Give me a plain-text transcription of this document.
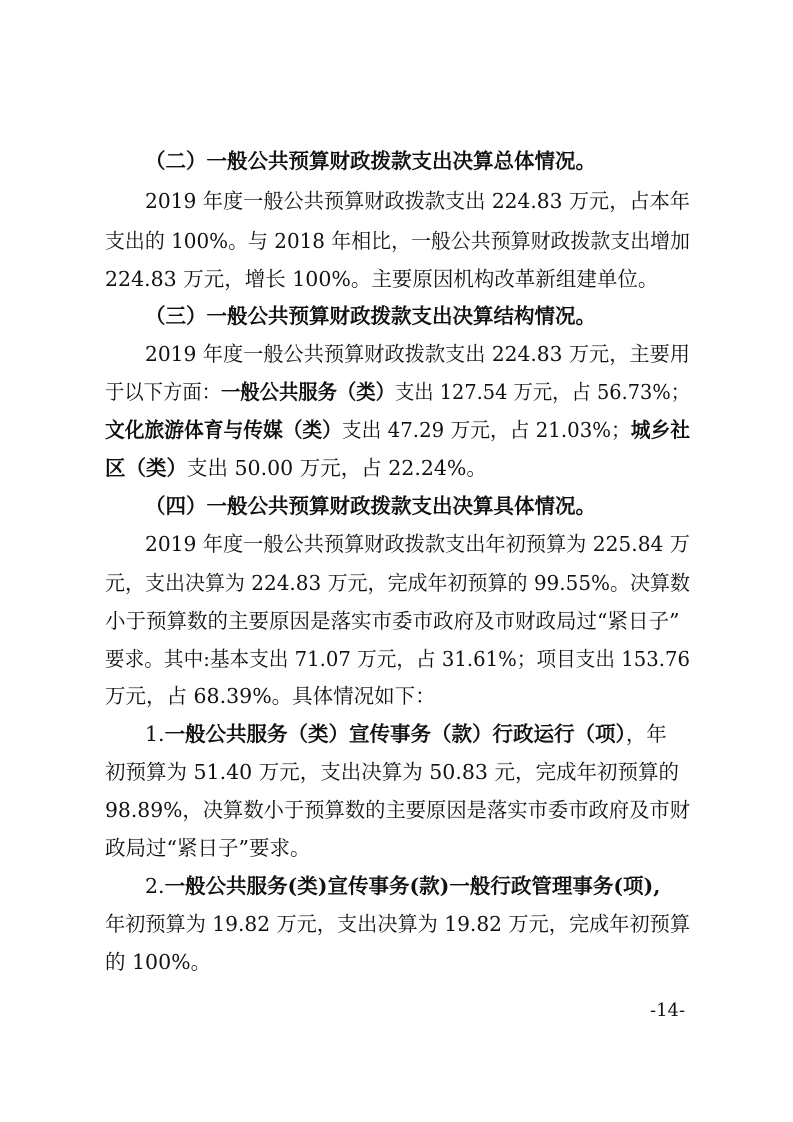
（二）一般公共预算财政拨款支出决算总体情况。
2019 年度一般公共预算财政拨款支出 224.83 万元，占本年
支出的 100%。与 2018 年相比，一般公共预算财政拨款支出增加
224.83 万元，增长 100%。主要原因机构改革新组建单位。
（三）一般公共预算财政拨款支出决算结构情况。
2019 年度一般公共预算财政拨款支出 224.83 万元，主要用
于以下方面：一般公共服务（类）支出 127.54 万元，占 56.73%；
文化旅游体育与传媒（类）支出 47.29 万元，占 21.03%；城乡社
区（类）支出 50.00 万元，占 22.24%。
（四）一般公共预算财政拨款支出决算具体情况。
2019 年度一般公共预算财政拨款支出年初预算为 225.84 万
元，支出决算为 224.83 万元，完成年初预算的 99.55%。决算数
小于预算数的主要原因是落实市委市政府及市财政局过“紧日子”
要求。其中:基本支出 71.07 万元，占 31.61%；项目支出 153.76
万元，占 68.39%。具体情况如下：
1.一般公共服务（类）宣传事务（款）行政运行（项），年
初预算为 51.40 万元，支出决算为 50.83 元，完成年初预算的
98.89%，决算数小于预算数的主要原因是落实市委市政府及市财
政局过“紧日子”要求。
2.一般公共服务(类)宣传事务(款)一般行政管理事务(项),
年初预算为 19.82 万元，支出决算为 19.82 万元，完成年初预算
的 100%。
-14-
